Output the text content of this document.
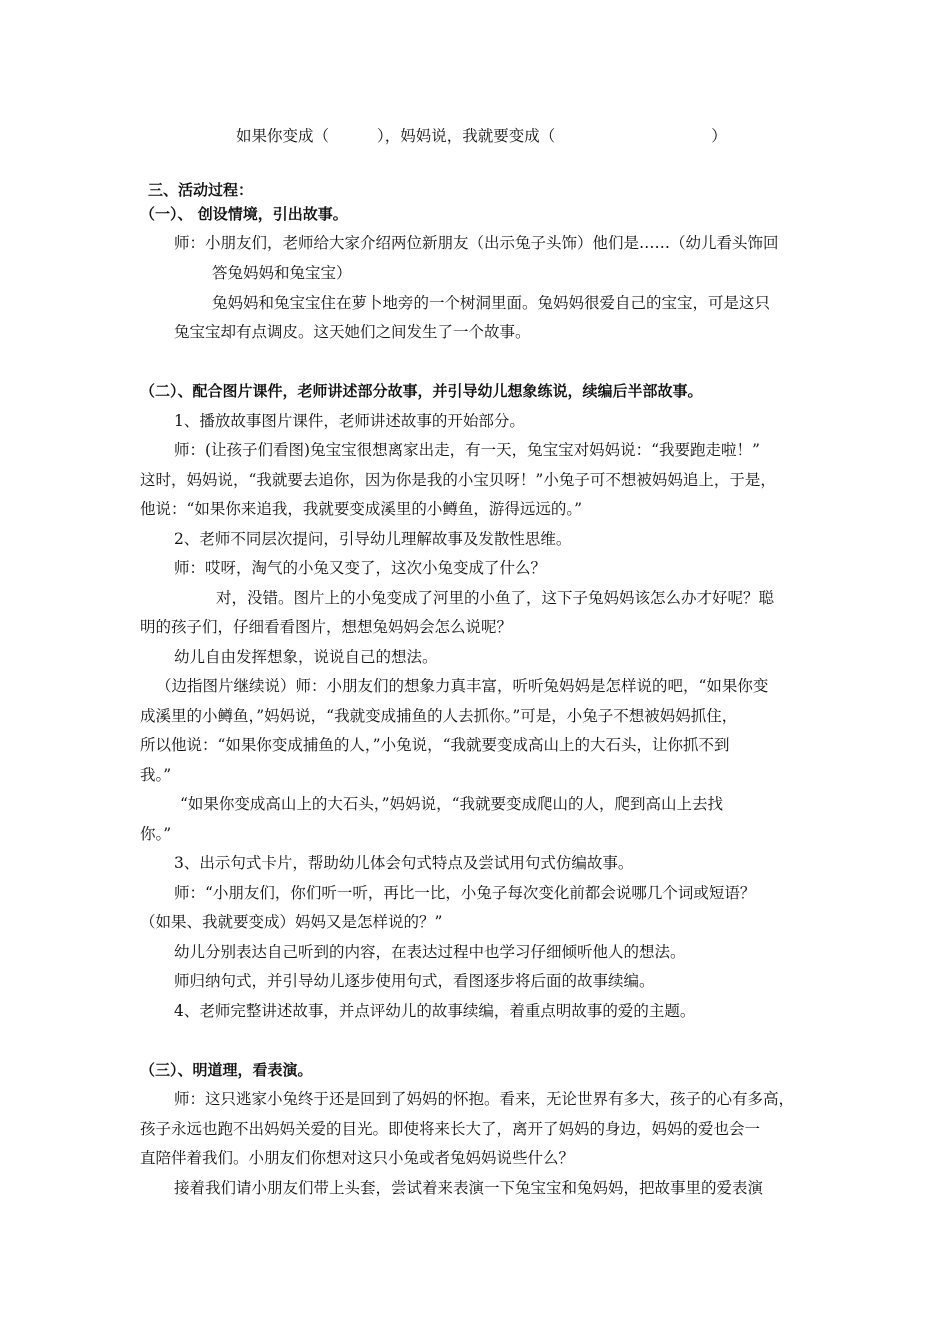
如果你变成（	），妈妈说，我就要变成（	）
三、活动过程：
（一）、 创设情境，引出故事。
师：小朋友们，老师给大家介绍两位新朋友（出示兔子头饰）他们是……（幼儿看头饰回
答兔妈妈和兔宝宝）
兔妈妈和兔宝宝住在萝卜地旁的一个树洞里面。兔妈妈很爱自己的宝宝，可是这只
兔宝宝却有点调皮。这天她们之间发生了一个故事。
（二）、配合图片课件，老师讲述部分故事，并引导幼儿想象练说，续编后半部故事。
1、播放故事图片课件，老师讲述故事的开始部分。
师：(让孩子们看图)兔宝宝很想离家出走，有一天，兔宝宝对妈妈说：“我要跑走啦！”
这时，妈妈说，“我就要去追你，因为你是我的小宝贝呀！”小兔子可不想被妈妈追上，于是，
他说：“如果你来追我，我就要变成溪里的小鳟鱼，游得远远的。”
2、老师不同层次提问，引导幼儿理解故事及发散性思维。
师：哎呀，淘气的小兔又变了，这次小兔变成了什么？
对，没错。图片上的小兔变成了河里的小鱼了，这下子兔妈妈该怎么办才好呢？聪
明的孩子们，仔细看看图片，想想兔妈妈会怎么说呢？
幼儿自由发挥想象，说说自己的想法。
（边指图片继续说）师：小朋友们的想象力真丰富，听听兔妈妈是怎样说的吧，“如果你变
成溪里的小鳟鱼，”妈妈说，“我就变成捕鱼的人去抓你。”可是，小兔子不想被妈妈抓住，
所以他说：“如果你变成捕鱼的人，”小兔说，“我就要变成高山上的大石头，让你抓不到
我。”
“如果你变成高山上的大石头，”妈妈说，“我就要变成爬山的人，爬到高山上去找
你。”
3、出示句式卡片，帮助幼儿体会句式特点及尝试用句式仿编故事。
师：“小朋友们，你们听一听，再比一比，小兔子每次变化前都会说哪几个词或短语？
（如果、我就要变成）妈妈又是怎样说的？”
幼儿分别表达自己听到的内容，在表达过程中也学习仔细倾听他人的想法。
师归纳句式，并引导幼儿逐步使用句式，看图逐步将后面的故事续编。
4、老师完整讲述故事，并点评幼儿的故事续编，着重点明故事的爱的主题。
（三）、明道理，看表演。
师：这只逃家小兔终于还是回到了妈妈的怀抱。看来，无论世界有多大，孩子的心有多高，
孩子永远也跑不出妈妈关爱的目光。即使将来长大了，离开了妈妈的身边，妈妈的爱也会一
直陪伴着我们。小朋友们你想对这只小兔或者兔妈妈说些什么？
接着我们请小朋友们带上头套，尝试着来表演一下兔宝宝和兔妈妈，把故事里的爱表演
